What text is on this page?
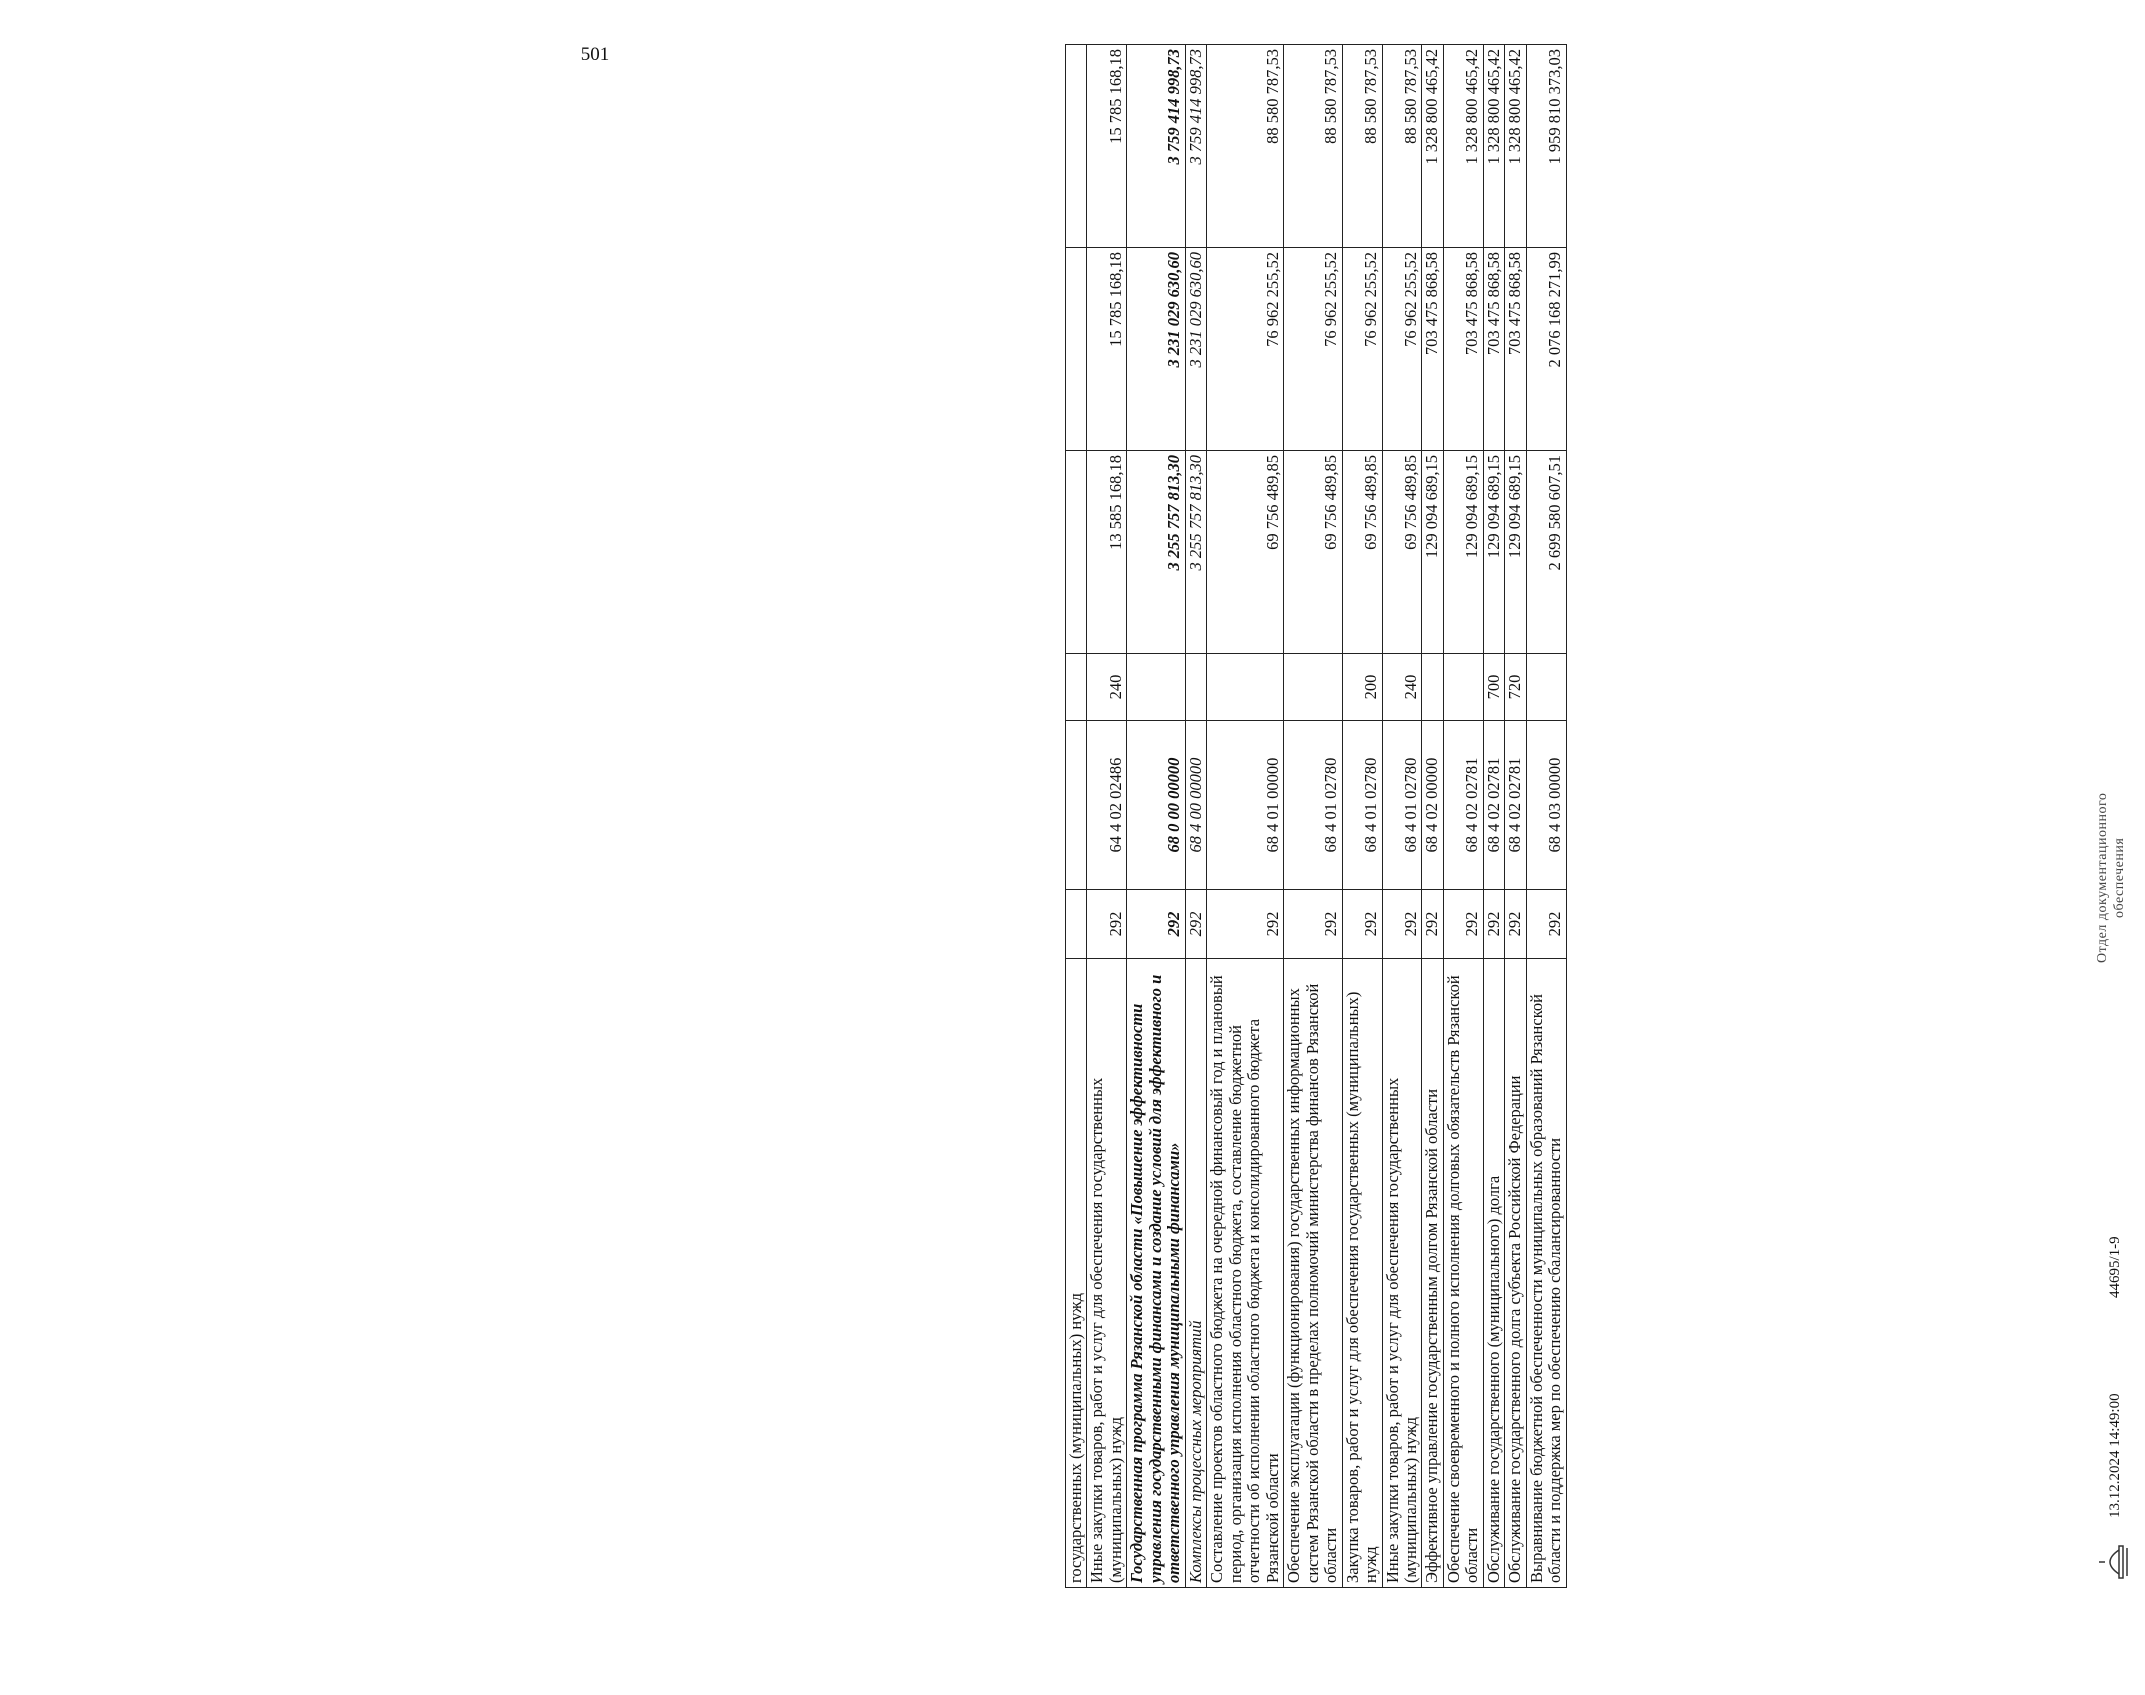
501
государственных (муниципальных) нужд						
Иные закупки товаров, работ и услуг для обеспечения государственных (муниципальных) нужд	292	64 4 02 02486	240	13 585 168,18	15 785 168,18	15 785 168,18
Государственная программа Рязанской области «Повышение эффективности управления государственными финансами и создание условий для эффективного и ответственного управления муниципальными финансами»	292	68 0 00 00000		3 255 757 813,30	3 231 029 630,60	3 759 414 998,73
Комплексы процессных мероприятий	292	68 4 00 00000		3 255 757 813,30	3 231 029 630,60	3 759 414 998,73
Составление проектов областного бюджета на очередной финансовый год и плановый период, организация исполнения областного бюджета, составление бюджетной отчетности об исполнении областного бюджета и консолидированного бюджета Рязанской области	292	68 4 01 00000		69 756 489,85	76 962 255,52	88 580 787,53
Обеспечение эксплуатации (функционирования) государственных информационных систем Рязанской области в пределах полномочий министерства финансов Рязанской области	292	68 4 01 02780		69 756 489,85	76 962 255,52	88 580 787,53
Закупка товаров, работ и услуг для обеспечения государственных (муниципальных) нужд	292	68 4 01 02780	200	69 756 489,85	76 962 255,52	88 580 787,53
Иные закупки товаров, работ и услуг для обеспечения государственных (муниципальных) нужд	292	68 4 01 02780	240	69 756 489,85	76 962 255,52	88 580 787,53
Эффективное управление государственным долгом Рязанской области	292	68 4 02 00000		129 094 689,15	703 475 868,58	1 328 800 465,42
Обеспечение своевременного и полного исполнения долговых обязательств Рязанской области	292	68 4 02 02781		129 094 689,15	703 475 868,58	1 328 800 465,42
Обслуживание государственного (муниципального) долга	292	68 4 02 02781	700	129 094 689,15	703 475 868,58	1 328 800 465,42
Обслуживание государственного долга субъекта Российской Федерации	292	68 4 02 02781	720	129 094 689,15	703 475 868,58	1 328 800 465,42
Выравнивание бюджетной обеспеченности муниципальных образований Рязанской области и поддержка мер по обеспечению сбалансированности	292	68 4 03 00000		2 699 580 607,51	2 076 168 271,99	1 959 810 373,03
13.12.2024 14:49:00
44695/1-9
Отдел документационного обеспечения
